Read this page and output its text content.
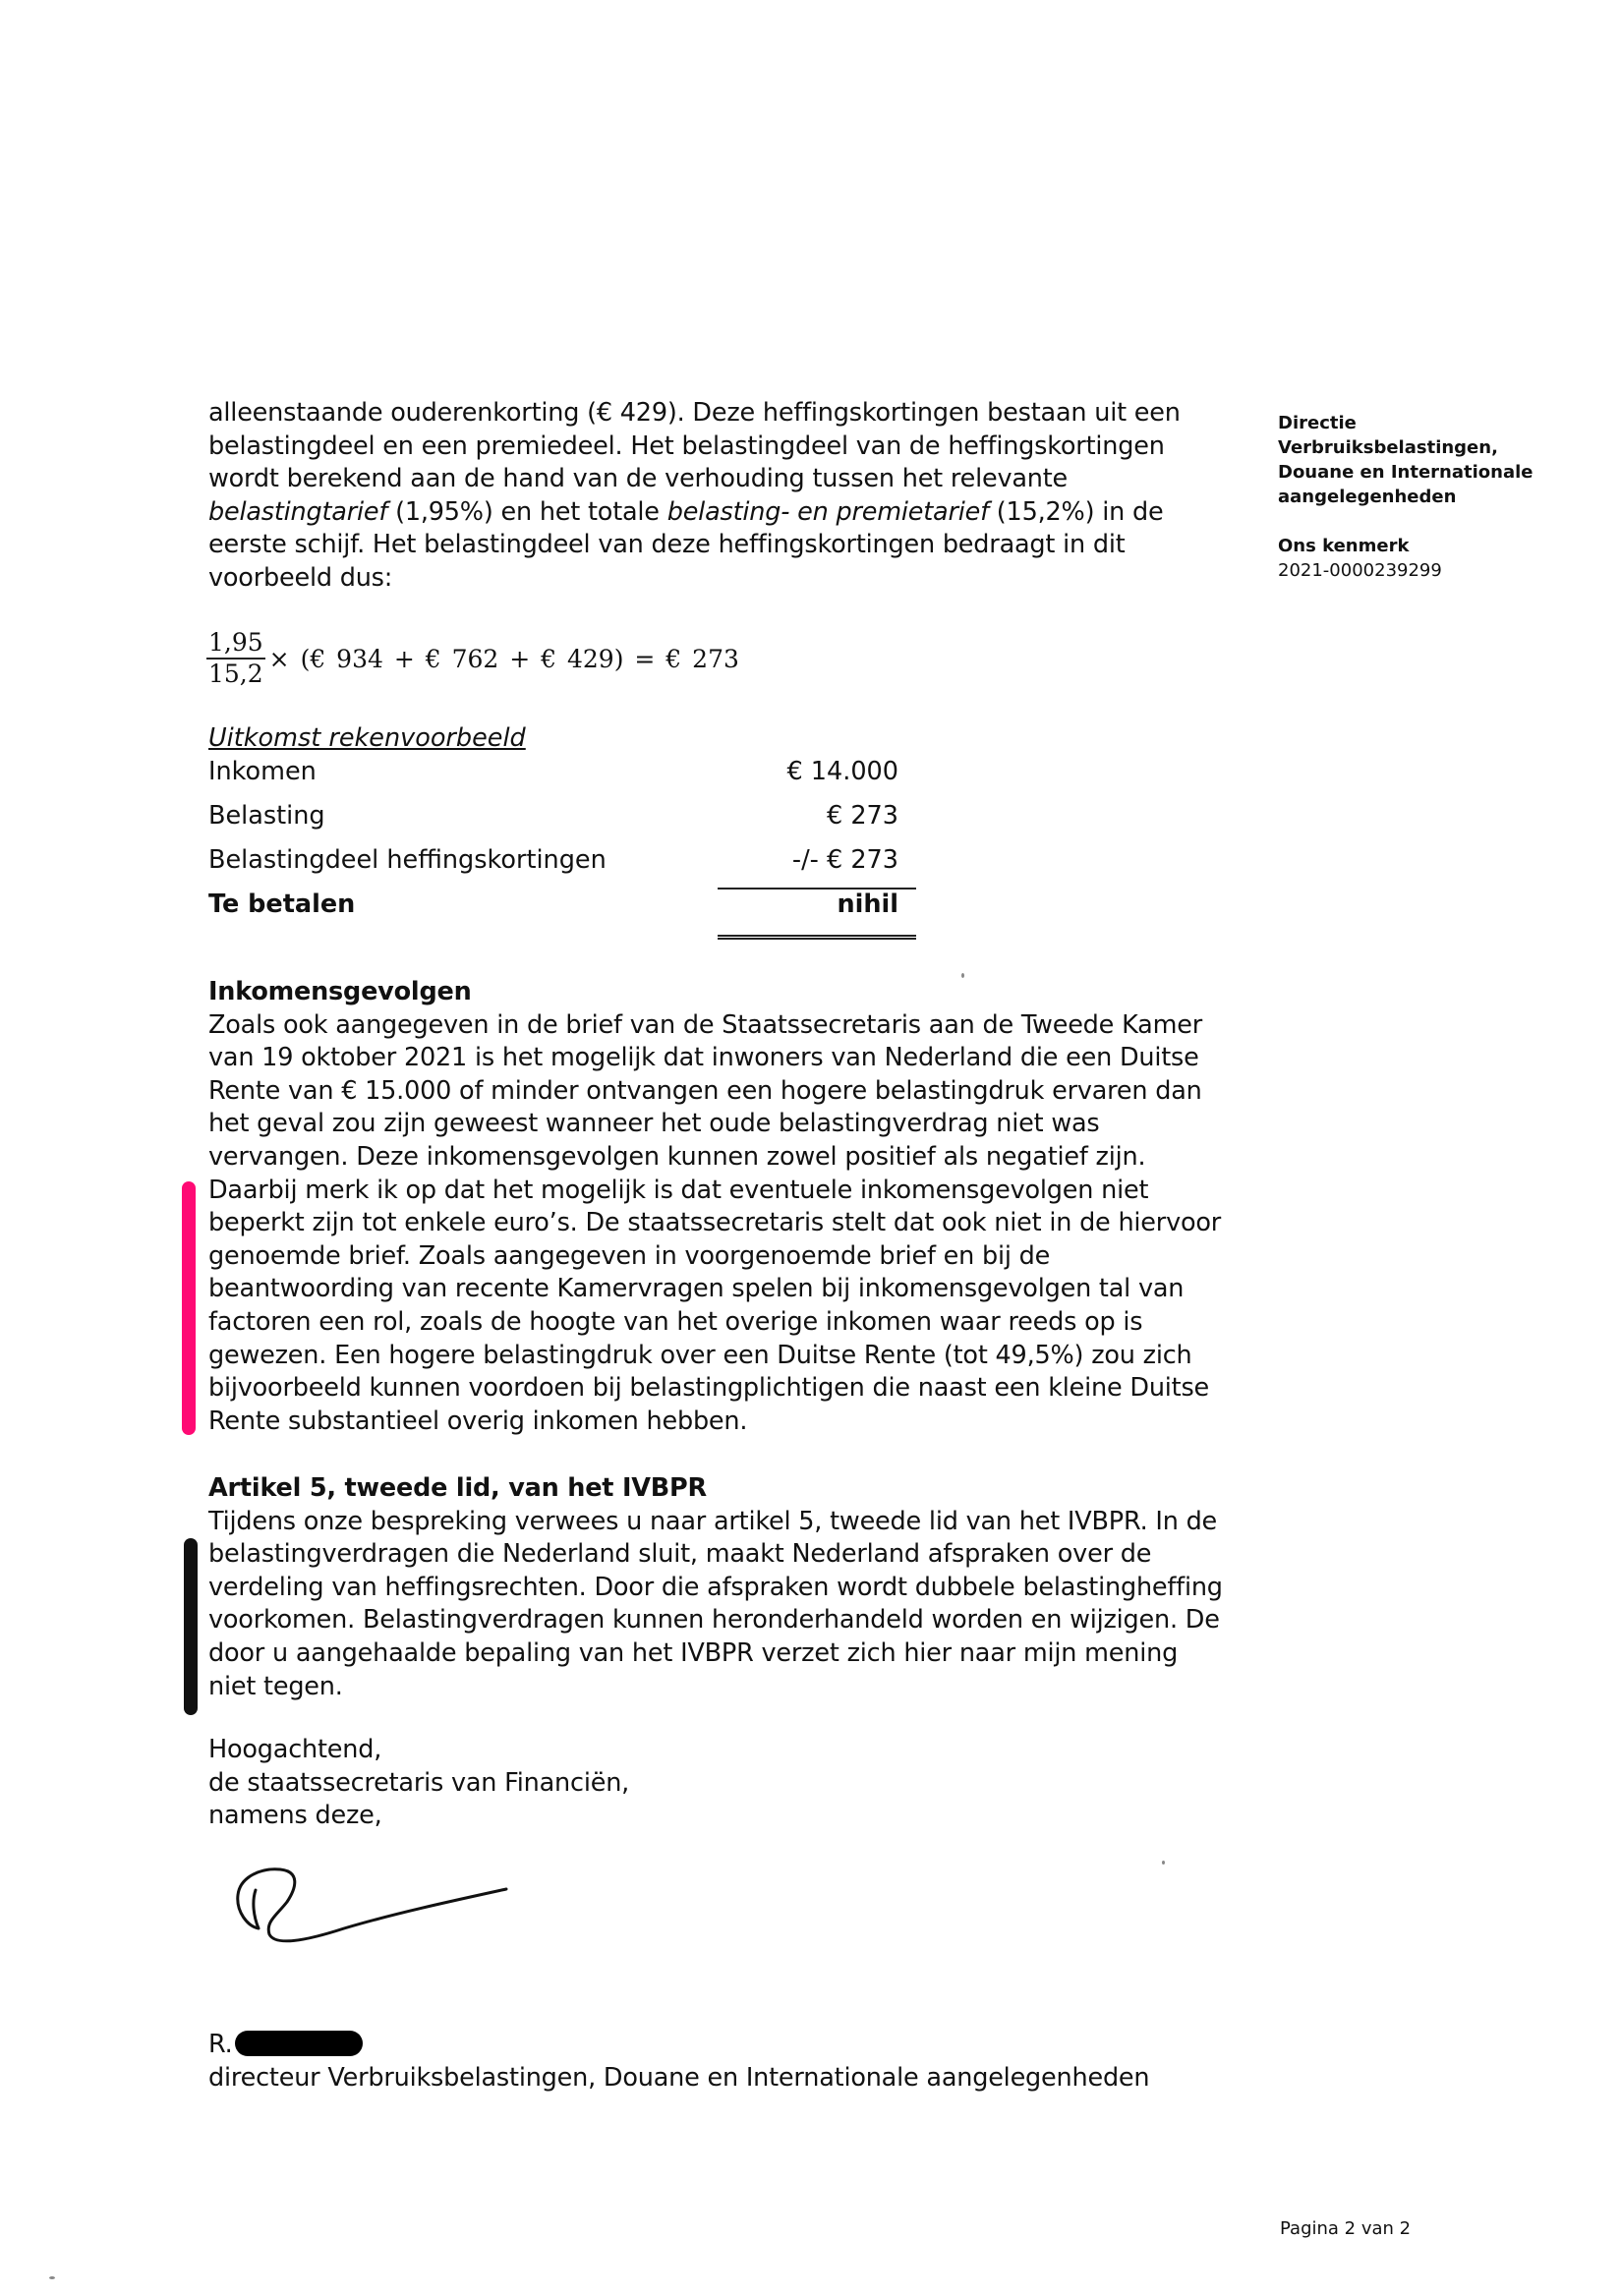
Directie
Verbruiksbelastingen,
Douane en Internationale
aangelegenheden
Ons kenmerk
2021-0000239299
alleenstaande ouderenkorting (€ 429). Deze heffingskortingen bestaan uit een
belastingdeel en een premiedeel. Het belastingdeel van de heffingskortingen
wordt berekend aan de hand van de verhouding tussen het relevante
belastingtarief (1,95%) en het totale belasting- en premietarief (15,2%) in de
eerste schijf. Het belastingdeel van deze heffingskortingen bedraagt in dit
voorbeeld dus:
$\frac{1,95}{15,2}$ × (€ 934 + € 762 + € 429) = € 273
Uitkomst rekenvoorbeeld
Inkomen	€ 14.000
Belasting	€ 273
Belastingdeel heffingskortingen	-/- € 273
Te betalen	nihil
Inkomensgevolgen
Zoals ook aangegeven in de brief van de Staatssecretaris aan de Tweede Kamer
van 19 oktober 2021 is het mogelijk dat inwoners van Nederland die een Duitse
Rente van € 15.000 of minder ontvangen een hogere belastingdruk ervaren dan
het geval zou zijn geweest wanneer het oude belastingverdrag niet was
vervangen. Deze inkomensgevolgen kunnen zowel positief als negatief zijn.
Daarbij merk ik op dat het mogelijk is dat eventuele inkomensgevolgen niet
beperkt zijn tot enkele euro’s. De staatssecretaris stelt dat ook niet in de hiervoor
genoemde brief. Zoals aangegeven in voorgenoemde brief en bij de
beantwoording van recente Kamervragen spelen bij inkomensgevolgen tal van
factoren een rol, zoals de hoogte van het overige inkomen waar reeds op is
gewezen. Een hogere belastingdruk over een Duitse Rente (tot 49,5%) zou zich
bijvoorbeeld kunnen voordoen bij belastingplichtigen die naast een kleine Duitse
Rente substantieel overig inkomen hebben.
Artikel 5, tweede lid, van het IVBPR
Tijdens onze bespreking verwees u naar artikel 5, tweede lid van het IVBPR. In de
belastingverdragen die Nederland sluit, maakt Nederland afspraken over de
verdeling van heffingsrechten. Door die afspraken wordt dubbele belastingheffing
voorkomen. Belastingverdragen kunnen heronderhandeld worden en wijzigen. De
door u aangehaalde bepaling van het IVBPR verzet zich hier naar mijn mening
niet tegen.
Hoogachtend,
de staatssecretaris van Financiën,
namens deze,
R.
directeur Verbruiksbelastingen, Douane en Internationale aangelegenheden
Pagina 2 van 2
